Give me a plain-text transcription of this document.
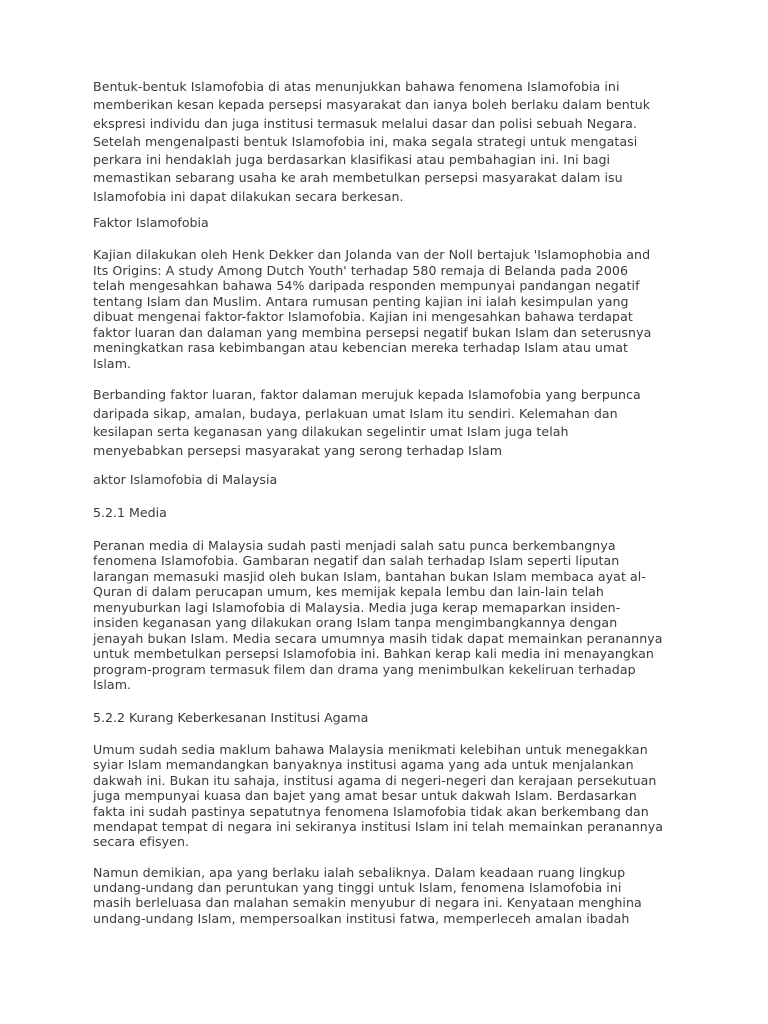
Bentuk-bentuk Islamofobia di atas menunjukkan bahawa fenomena Islamofobia ini
memberikan kesan kepada persepsi masyarakat dan ianya boleh berlaku dalam bentuk
ekspresi individu dan juga institusi termasuk melalui dasar dan polisi sebuah Negara.
Setelah mengenalpasti bentuk Islamofobia ini, maka segala strategi untuk mengatasi
perkara ini hendaklah juga berdasarkan klasifikasi atau pembahagian ini. Ini bagi
memastikan sebarang usaha ke arah membetulkan persepsi masyarakat dalam isu
Islamofobia ini dapat dilakukan secara berkesan.

Faktor Islamofobia

Kajian dilakukan oleh Henk Dekker dan Jolanda van der Noll bertajuk 'Islamophobia and
Its Origins: A study Among Dutch Youth' terhadap 580 remaja di Belanda pada 2006
telah mengesahkan bahawa 54% daripada responden mempunyai pandangan negatif
tentang Islam dan Muslim. Antara rumusan penting kajian ini ialah kesimpulan yang
dibuat mengenai faktor-faktor Islamofobia. Kajian ini mengesahkan bahawa terdapat
faktor luaran dan dalaman yang membina persepsi negatif bukan Islam dan seterusnya
meningkatkan rasa kebimbangan atau kebencian mereka terhadap Islam atau umat
Islam.

Berbanding faktor luaran, faktor dalaman merujuk kepada Islamofobia yang berpunca
daripada sikap, amalan, budaya, perlakuan umat Islam itu sendiri. Kelemahan dan
kesilapan serta keganasan yang dilakukan segelintir umat Islam juga telah
menyebabkan persepsi masyarakat yang serong terhadap Islam

aktor Islamofobia di Malaysia

5.2.1 Media

Peranan media di Malaysia sudah pasti menjadi salah satu punca berkembangnya
fenomena Islamofobia. Gambaran negatif dan salah terhadap Islam seperti liputan
larangan memasuki masjid oleh bukan Islam, bantahan bukan Islam membaca ayat al-
Quran di dalam perucapan umum, kes memijak kepala lembu dan lain-lain telah
menyuburkan lagi Islamofobia di Malaysia. Media juga kerap memaparkan insiden-
insiden keganasan yang dilakukan orang Islam tanpa mengimbangkannya dengan
jenayah bukan Islam. Media secara umumnya masih tidak dapat memainkan peranannya
untuk membetulkan persepsi Islamofobia ini. Bahkan kerap kali media ini menayangkan
program-program termasuk filem dan drama yang menimbulkan kekeliruan terhadap
Islam.

5.2.2 Kurang Keberkesanan Institusi Agama

Umum sudah sedia maklum bahawa Malaysia menikmati kelebihan untuk menegakkan
syiar Islam memandangkan banyaknya institusi agama yang ada untuk menjalankan
dakwah ini. Bukan itu sahaja, institusi agama di negeri-negeri dan kerajaan persekutuan
juga mempunyai kuasa dan bajet yang amat besar untuk dakwah Islam. Berdasarkan
fakta ini sudah pastinya sepatutnya fenomena Islamofobia tidak akan berkembang dan
mendapat tempat di negara ini sekiranya institusi Islam ini telah memainkan peranannya
secara efisyen.

Namun demikian, apa yang berlaku ialah sebaliknya. Dalam keadaan ruang lingkup
undang-undang dan peruntukan yang tinggi untuk Islam, fenomena Islamofobia ini
masih berleluasa dan malahan semakin menyubur di negara ini. Kenyataan menghina
undang-undang Islam, mempersoalkan institusi fatwa, memperleceh amalan ibadah
